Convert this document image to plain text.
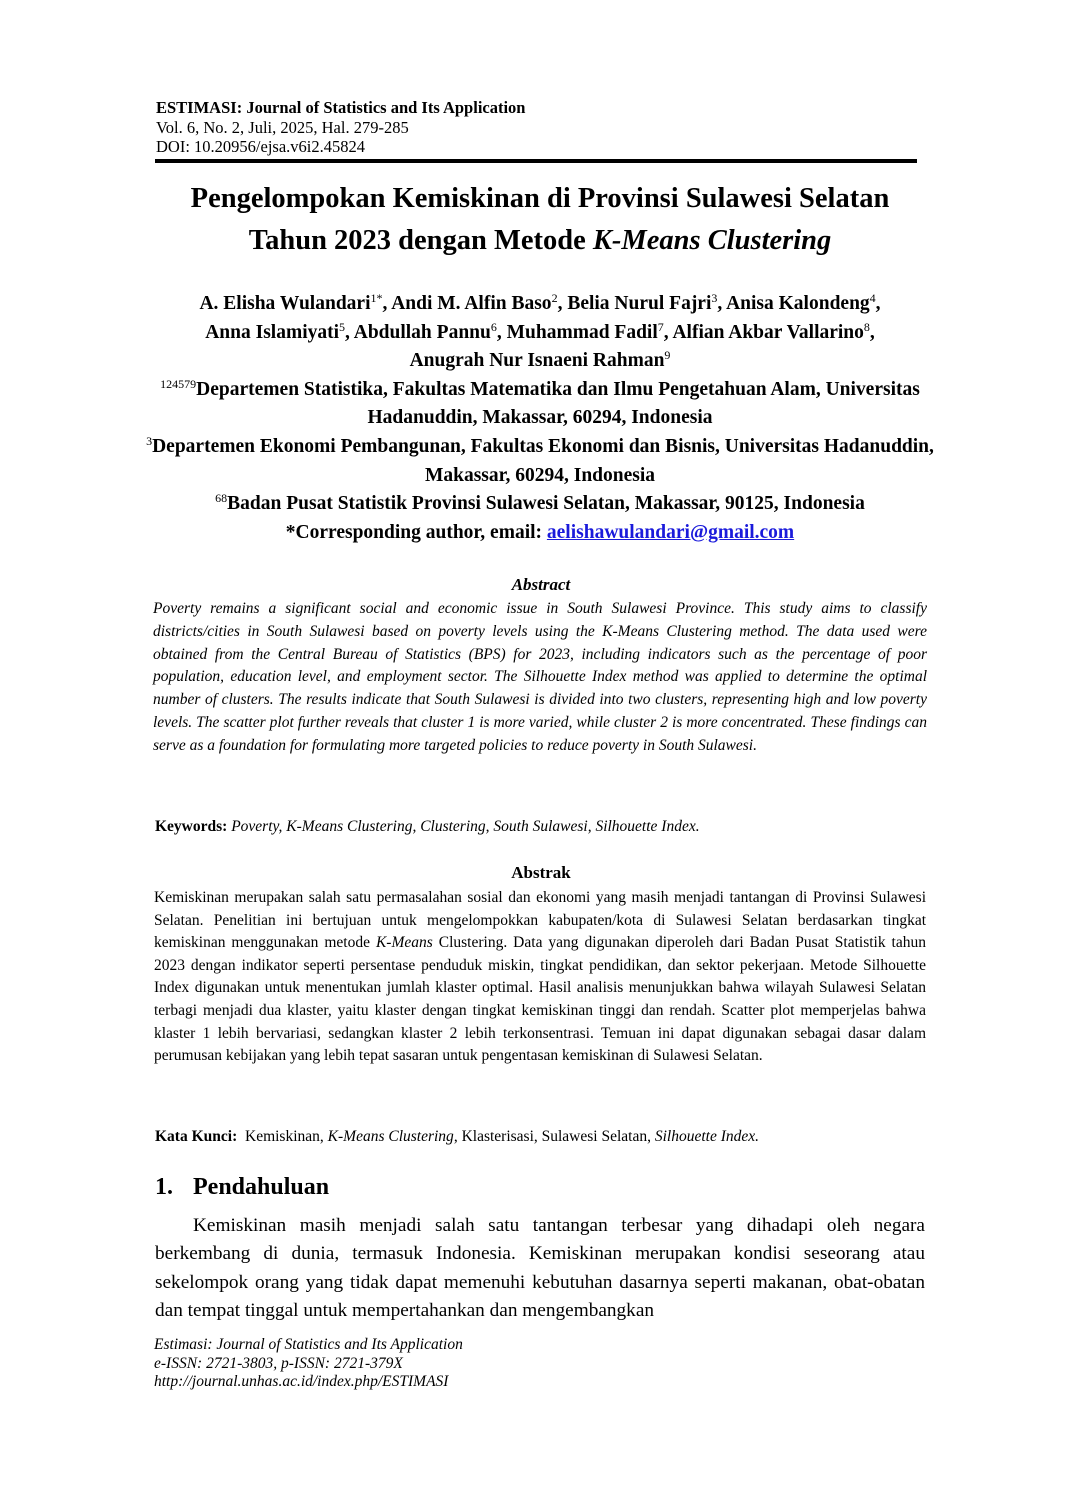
ESTIMASI: Journal of Statistics and Its Application
Vol. 6, No. 2, Juli, 2025, Hal. 279-285
DOI: 10.20956/ejsa.v6i2.45824
Pengelompokan Kemiskinan di Provinsi Sulawesi Selatan
Tahun 2023 dengan Metode K-Means Clustering
A. Elisha Wulandari$^{1*}$, Andi M. Alfin Baso$^2$, Belia Nurul Fajri$^3$, Anisa Kalondeng$^4$,
Anna Islamiyati$^5$, Abdullah Pannu$^6$, Muhammad Fadil$^7$, Alfian Akbar Vallarino$^8$,
Anugrah Nur Isnaeni Rahman$^9$
$^{124579}$Departemen Statistika, Fakultas Matematika dan Ilmu Pengetahuan Alam, Universitas Hadanuddin, Makassar, 60294, Indonesia
$^3$Departemen Ekonomi Pembangunan, Fakultas Ekonomi dan Bisnis, Universitas Hadanuddin, Makassar, 60294, Indonesia
$^{68}$Badan Pusat Statistik Provinsi Sulawesi Selatan, Makassar, 90125, Indonesia
*Corresponding author, email: aelishawulandari@gmail.com
Abstract
Poverty remains a significant social and economic issue in South Sulawesi Province. This study aims to classify districts/cities in South Sulawesi based on poverty levels using the K-Means Clustering method. The data used were obtained from the Central Bureau of Statistics (BPS) for 2023, including indicators such as the percentage of poor population, education level, and employment sector. The Silhouette Index method was applied to determine the optimal number of clusters. The results indicate that South Sulawesi is divided into two clusters, representing high and low poverty levels. The scatter plot further reveals that cluster 1 is more varied, while cluster 2 is more concentrated. These findings can serve as a foundation for formulating more targeted policies to reduce poverty in South Sulawesi.
Keywords: Poverty, K-Means Clustering, Clustering, South Sulawesi, Silhouette Index.
Abstrak
Kemiskinan merupakan salah satu permasalahan sosial dan ekonomi yang masih menjadi tantangan di Provinsi Sulawesi Selatan. Penelitian ini bertujuan untuk mengelompokkan kabupaten/kota di Sulawesi Selatan berdasarkan tingkat kemiskinan menggunakan metode K-Means Clustering. Data yang digunakan diperoleh dari Badan Pusat Statistik tahun 2023 dengan indikator seperti persentase penduduk miskin, tingkat pendidikan, dan sektor pekerjaan. Metode Silhouette Index digunakan untuk menentukan jumlah klaster optimal. Hasil analisis menunjukkan bahwa wilayah Sulawesi Selatan terbagi menjadi dua klaster, yaitu klaster dengan tingkat kemiskinan tinggi dan rendah. Scatter plot memperjelas bahwa klaster 1 lebih bervariasi, sedangkan klaster 2 lebih terkonsentrasi. Temuan ini dapat digunakan sebagai dasar dalam perumusan kebijakan yang lebih tepat sasaran untuk pengentasan kemiskinan di Sulawesi Selatan.
Kata Kunci:  Kemiskinan, K-Means Clustering, Klasterisasi, Sulawesi Selatan, Silhouette Index.
1. Pendahuluan
Kemiskinan masih menjadi salah satu tantangan terbesar yang dihadapi oleh negara berkembang di dunia, termasuk Indonesia. Kemiskinan merupakan kondisi seseorang atau sekelompok orang yang tidak dapat memenuhi kebutuhan dasarnya seperti makanan, obat-obatan dan tempat tinggal untuk mempertahankan dan mengembangkan
Estimasi: Journal of Statistics and Its Application
e-ISSN: 2721-3803, p-ISSN: 2721-379X
http://journal.unhas.ac.id/index.php/ESTIMASI
